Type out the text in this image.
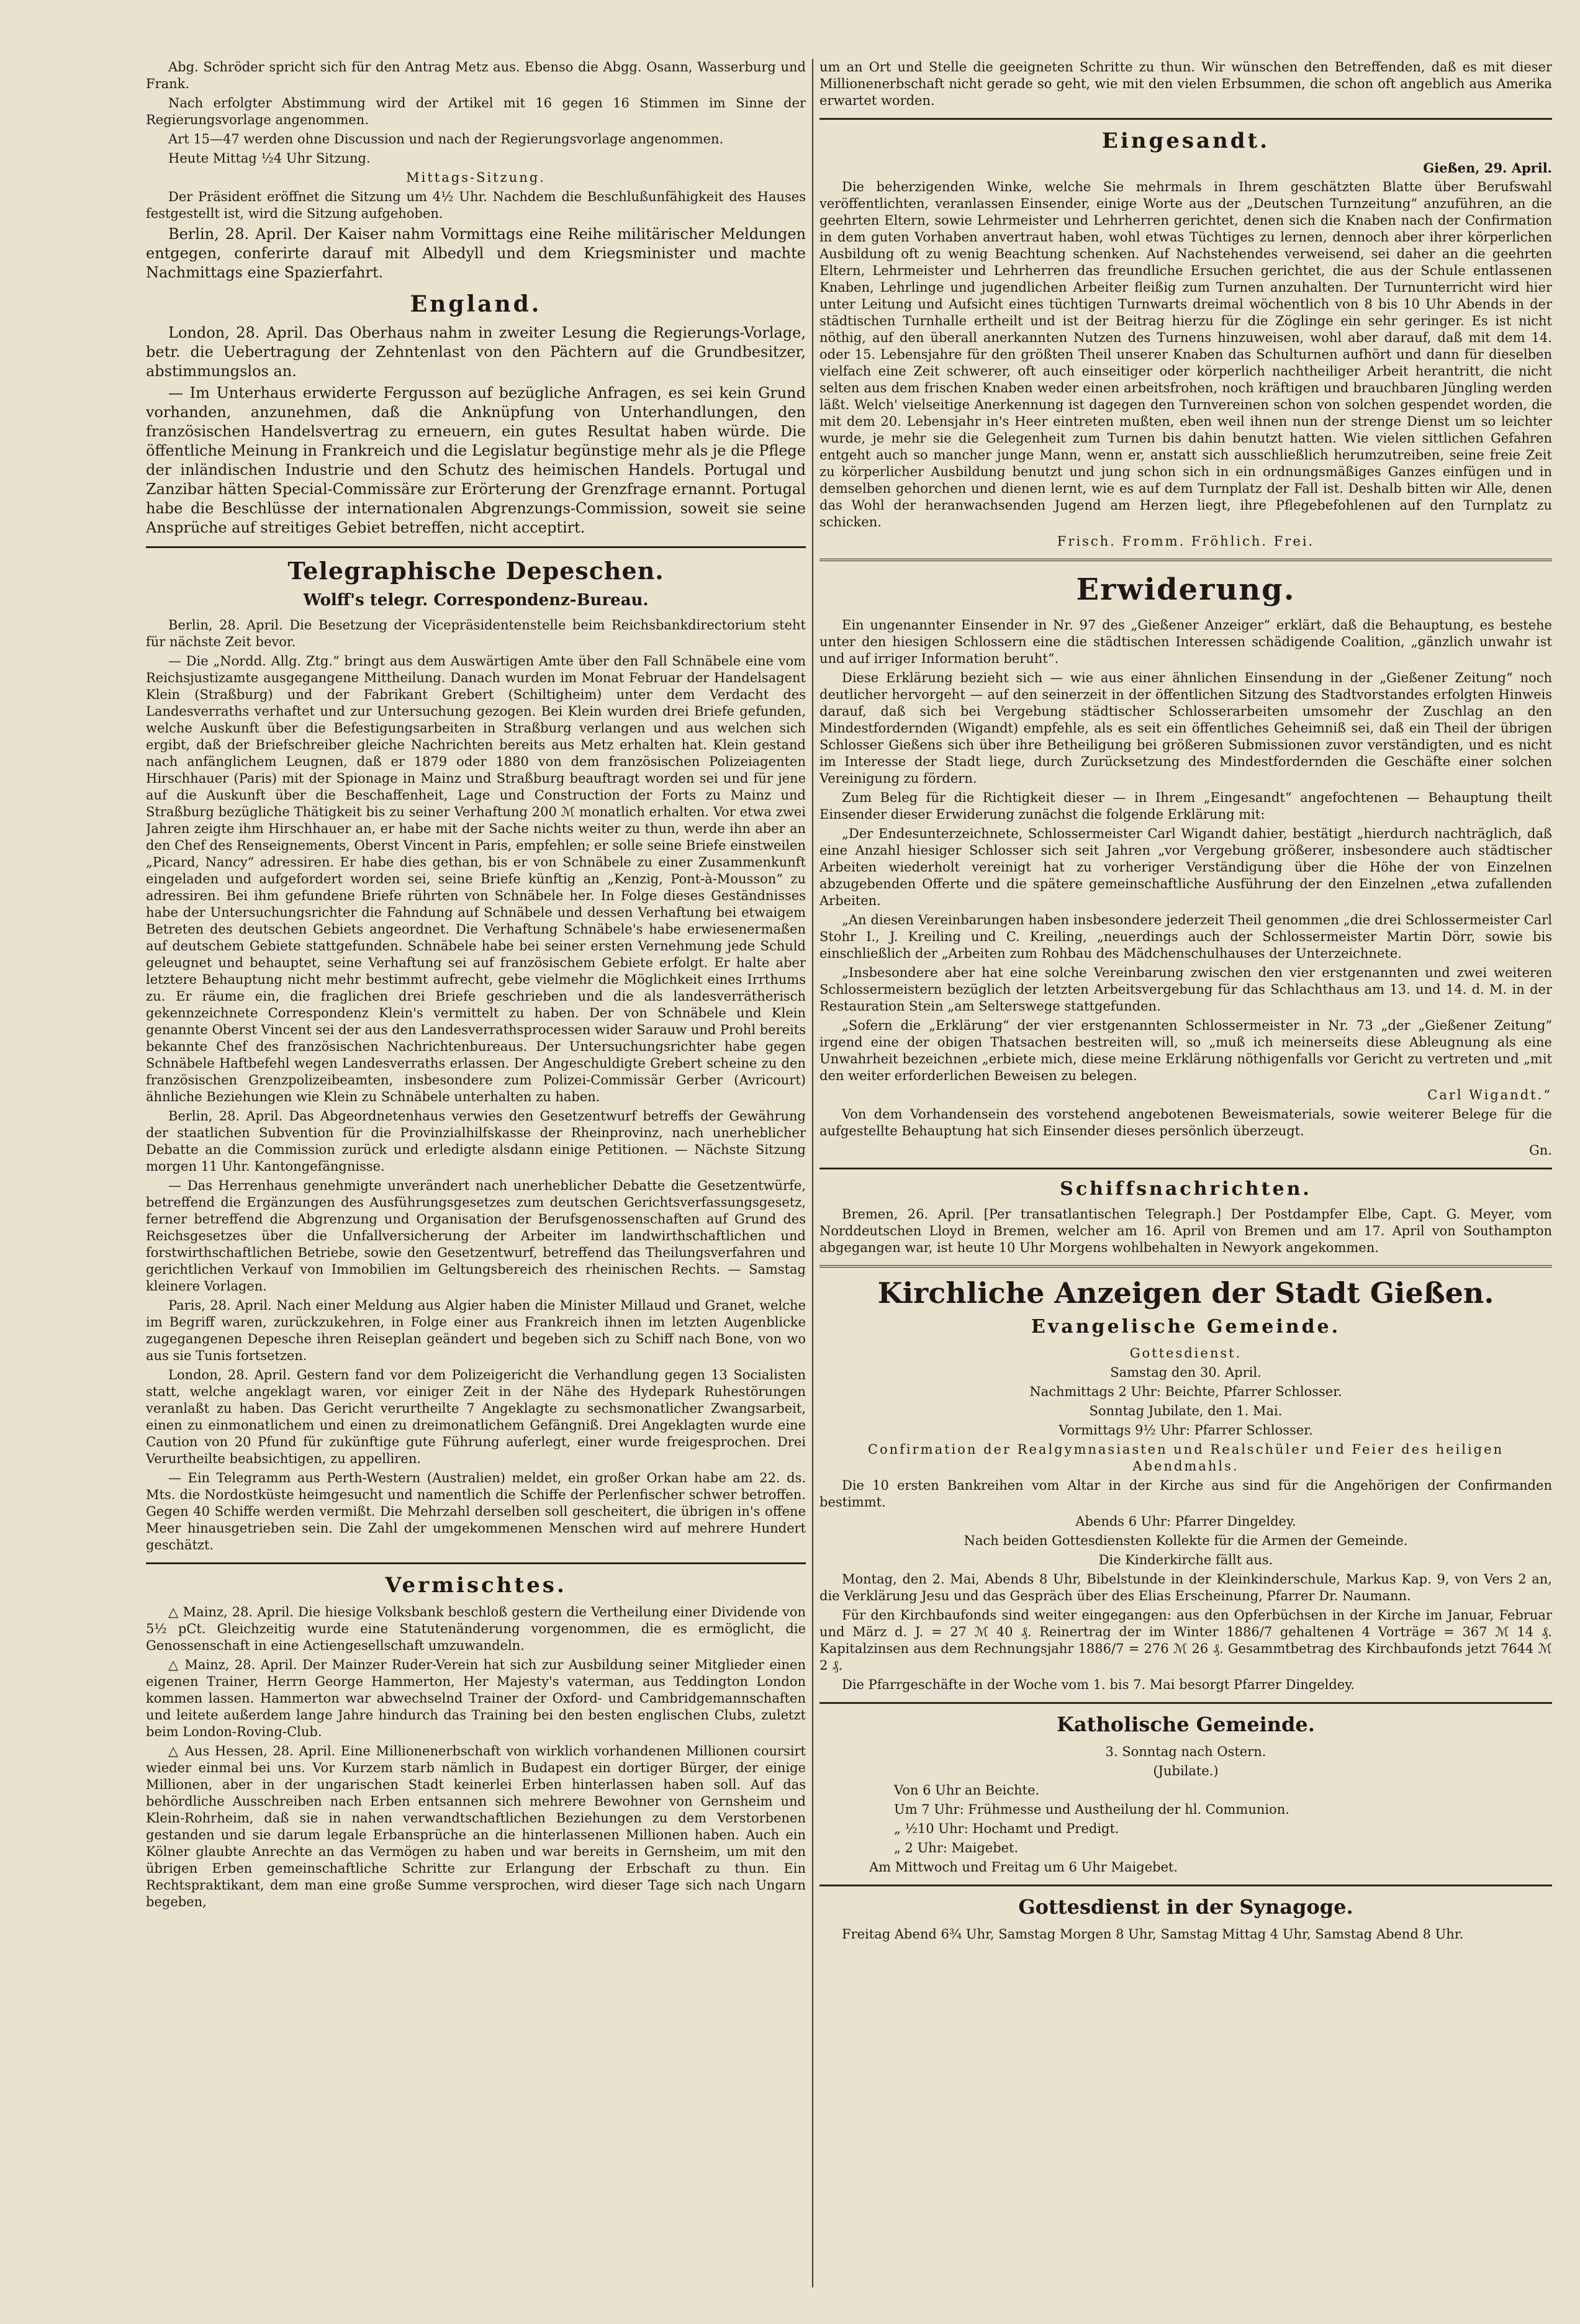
Abg. Schröder spricht sich für den Antrag Metz aus. Ebenso die Abgg. Osann, Wasserburg und Frank.

Nach erfolgter Abstimmung wird der Artikel mit 16 gegen 16 Stimmen im Sinne der Regierungsvorlage angenommen.

Art 15—47 werden ohne Discussion und nach der Regierungsvorlage angenommen.

Heute Mittag ½4 Uhr Sitzung.

Mittags-Sitzung.

Der Präsident eröffnet die Sitzung um 4½ Uhr. Nachdem die Beschlußunfähigkeit des Hauses festgestellt ist, wird die Sitzung aufgehoben.

Berlin, 28. April. Der Kaiser nahm Vormittags eine Reihe militärischer Meldungen entgegen, conferirte darauf mit Albedyll und dem Kriegsminister und machte Nachmittags eine Spazierfahrt.

England.

London, 28. April. Das Oberhaus nahm in zweiter Lesung die Regierungs-Vorlage, betr. die Uebertragung der Zehntenlast von den Pächtern auf die Grundbesitzer, abstimmungslos an.

— Im Unterhaus erwiderte Fergusson auf bezügliche Anfragen, es sei kein Grund vorhanden, anzunehmen, daß die Anknüpfung von Unterhandlungen, den französischen Handelsvertrag zu erneuern, ein gutes Resultat haben würde. Die öffentliche Meinung in Frankreich und die Legislatur begünstige mehr als je die Pflege der inländischen Industrie und den Schutz des heimischen Handels. Portugal und Zanzibar hätten Special-Commissäre zur Erörterung der Grenzfrage ernannt. Portugal habe die Beschlüsse der internationalen Abgrenzungs-Commission, soweit sie seine Ansprüche auf streitiges Gebiet betreffen, nicht acceptirt.

Telegraphische Depeschen.
Wolff's telegr. Correspondenz-Bureau.

Berlin, 28. April. Die Besetzung der Vicepräsidentenstelle beim Reichsbankdirectorium steht für nächste Zeit bevor.

— Die „Nordd. Allg. Ztg.“ bringt aus dem Auswärtigen Amte über den Fall Schnäbele eine vom Reichsjustizamte ausgegangene Mittheilung. Danach wurden im Monat Februar der Handelsagent Klein (Straßburg) und der Fabrikant Grebert (Schiltigheim) unter dem Verdacht des Landesverraths verhaftet und zur Untersuchung gezogen. Bei Klein wurden drei Briefe gefunden, welche Auskunft über die Befestigungsarbeiten in Straßburg verlangen und aus welchen sich ergibt, daß der Briefschreiber gleiche Nachrichten bereits aus Metz erhalten hat. Klein gestand nach anfänglichem Leugnen, daß er 1879 oder 1880 von dem französischen Polizeiagenten Hirschhauer (Paris) mit der Spionage in Mainz und Straßburg beauftragt worden sei und für jene auf die Auskunft über die Beschaffenheit, Lage und Construction der Forts zu Mainz und Straßburg bezügliche Thätigkeit bis zu seiner Verhaftung 200 ℳ monatlich erhalten. Vor etwa zwei Jahren zeigte ihm Hirschhauer an, er habe mit der Sache nichts weiter zu thun, werde ihn aber an den Chef des Renseignements, Oberst Vincent in Paris, empfehlen; er solle seine Briefe einstweilen „Picard, Nancy“ adressiren. Er habe dies gethan, bis er von Schnäbele zu einer Zusammenkunft eingeladen und aufgefordert worden sei, seine Briefe künftig an „Kenzig, Pont-à-Mousson“ zu adressiren. Bei ihm gefundene Briefe rührten von Schnäbele her. In Folge dieses Geständnisses habe der Untersuchungsrichter die Fahndung auf Schnäbele und dessen Verhaftung bei etwaigem Betreten des deutschen Gebiets angeordnet. Die Verhaftung Schnäbele's habe erwiesenermaßen auf deutschem Gebiete stattgefunden. Schnäbele habe bei seiner ersten Vernehmung jede Schuld geleugnet und behauptet, seine Verhaftung sei auf französischem Gebiete erfolgt. Er halte aber letztere Behauptung nicht mehr bestimmt aufrecht, gebe vielmehr die Möglichkeit eines Irrthums zu. Er räume ein, die fraglichen drei Briefe geschrieben und die als landesverrätherisch gekennzeichnete Correspondenz Klein's vermittelt zu haben. Der von Schnäbele und Klein genannte Oberst Vincent sei der aus den Landesverrathsprocessen wider Sarauw und Prohl bereits bekannte Chef des französischen Nachrichtenbureaus. Der Untersuchungsrichter habe gegen Schnäbele Haftbefehl wegen Landesverraths erlassen. Der Angeschuldigte Grebert scheine zu den französischen Grenzpolizeibeamten, insbesondere zum Polizei-Commissär Gerber (Avricourt) ähnliche Beziehungen wie Klein zu Schnäbele unterhalten zu haben.

Berlin, 28. April. Das Abgeordnetenhaus verwies den Gesetzentwurf betreffs der Gewährung der staatlichen Subvention für die Provinzialhilfskasse der Rheinprovinz, nach unerheblicher Debatte an die Commission zurück und erledigte alsdann einige Petitionen. — Nächste Sitzung morgen 11 Uhr. Kantongefängnisse.

— Das Herrenhaus genehmigte unverändert nach unerheblicher Debatte die Gesetzentwürfe, betreffend die Ergänzungen des Ausführungsgesetzes zum deutschen Gerichtsverfassungsgesetz, ferner betreffend die Abgrenzung und Organisation der Berufsgenossenschaften auf Grund des Reichsgesetzes über die Unfallversicherung der Arbeiter im landwirthschaftlichen und forstwirthschaftlichen Betriebe, sowie den Gesetzentwurf, betreffend das Theilungsverfahren und gerichtlichen Verkauf von Immobilien im Geltungsbereich des rheinischen Rechts. — Samstag kleinere Vorlagen.

Paris, 28. April. Nach einer Meldung aus Algier haben die Minister Millaud und Granet, welche im Begriff waren, zurückzukehren, in Folge einer aus Frankreich ihnen im letzten Augenblicke zugegangenen Depesche ihren Reiseplan geändert und begeben sich zu Schiff nach Bone, von wo aus sie Tunis fortsetzen.

London, 28. April. Gestern fand vor dem Polizeigericht die Verhandlung gegen 13 Socialisten statt, welche angeklagt waren, vor einiger Zeit in der Nähe des Hydepark Ruhestörungen veranlaßt zu haben. Das Gericht verurtheilte 7 Angeklagte zu sechsmonatlicher Zwangsarbeit, einen zu einmonatlichem und einen zu dreimonatlichem Gefängniß. Drei Angeklagten wurde eine Caution von 20 Pfund für zukünftige gute Führung auferlegt, einer wurde freigesprochen. Drei Verurtheilte beabsichtigen, zu appelliren.

— Ein Telegramm aus Perth-Western (Australien) meldet, ein großer Orkan habe am 22. ds. Mts. die Nordostküste heimgesucht und namentlich die Schiffe der Perlenfischer schwer betroffen. Gegen 40 Schiffe werden vermißt. Die Mehrzahl derselben soll gescheitert, die übrigen in's offene Meer hinausgetrieben sein. Die Zahl der umgekommenen Menschen wird auf mehrere Hundert geschätzt.

Vermischtes.

△ Mainz, 28. April. Die hiesige Volksbank beschloß gestern die Vertheilung einer Dividende von 5½ pCt. Gleichzeitig wurde eine Statutenänderung vorgenommen, die es ermöglicht, die Genossenschaft in eine Actiengesellschaft umzuwandeln.

△ Mainz, 28. April. Der Mainzer Ruder-Verein hat sich zur Ausbildung seiner Mitglieder einen eigenen Trainer, Herrn George Hammerton, Her Majesty's vaterman, aus Teddington London kommen lassen. Hammerton war abwechselnd Trainer der Oxford- und Cambridgemannschaften und leitete außerdem lange Jahre hindurch das Training bei den besten englischen Clubs, zuletzt beim London-Roving-Club.

△ Aus Hessen, 28. April. Eine Millionenerbschaft von wirklich vorhandenen Millionen coursirt wieder einmal bei uns. Vor Kurzem starb nämlich in Budapest ein dortiger Bürger, der einige Millionen, aber in der ungarischen Stadt keinerlei Erben hinterlassen haben soll. Auf das behördliche Ausschreiben nach Erben entsannen sich mehrere Bewohner von Gernsheim und Klein-Rohrheim, daß sie in nahen verwandtschaftlichen Beziehungen zu dem Verstorbenen gestanden und sie darum legale Erbansprüche an die hinterlassenen Millionen haben. Auch ein Kölner glaubte Anrechte an das Vermögen zu haben und war bereits in Gernsheim, um mit den übrigen Erben gemeinschaftliche Schritte zur Erlangung der Erbschaft zu thun. Ein Rechtspraktikant, dem man eine große Summe versprochen, wird dieser Tage sich nach Ungarn begeben,

um an Ort und Stelle die geeigneten Schritte zu thun. Wir wünschen den Betreffenden, daß es mit dieser Millionenerbschaft nicht gerade so geht, wie mit den vielen Erbsummen, die schon oft angeblich aus Amerika erwartet worden.

Eingesandt.

Gießen, 29. April.

Die beherzigenden Winke, welche Sie mehrmals in Ihrem geschätzten Blatte über Berufswahl veröffentlichten, veranlassen Einsender, einige Worte aus der „Deutschen Turnzeitung“ anzuführen, an die geehrten Eltern, sowie Lehrmeister und Lehrherren gerichtet, denen sich die Knaben nach der Confirmation in dem guten Vorhaben anvertraut haben, wohl etwas Tüchtiges zu lernen, dennoch aber ihrer körperlichen Ausbildung oft zu wenig Beachtung schenken. Auf Nachstehendes verweisend, sei daher an die geehrten Eltern, Lehrmeister und Lehrherren das freundliche Ersuchen gerichtet, die aus der Schule entlassenen Knaben, Lehrlinge und jugendlichen Arbeiter fleißig zum Turnen anzuhalten. Der Turnunterricht wird hier unter Leitung und Aufsicht eines tüchtigen Turnwarts dreimal wöchentlich von 8 bis 10 Uhr Abends in der städtischen Turnhalle ertheilt und ist der Beitrag hierzu für die Zöglinge ein sehr geringer. Es ist nicht nöthig, auf den überall anerkannten Nutzen des Turnens hinzuweisen, wohl aber darauf, daß mit dem 14. oder 15. Lebensjahre für den größten Theil unserer Knaben das Schulturnen aufhört und dann für dieselben vielfach eine Zeit schwerer, oft auch einseitiger oder körperlich nachtheiliger Arbeit herantritt, die nicht selten aus dem frischen Knaben weder einen arbeitsfrohen, noch kräftigen und brauchbaren Jüngling werden läßt. Welch' vielseitige Anerkennung ist dagegen den Turnvereinen schon von solchen gespendet worden, die mit dem 20. Lebensjahr in's Heer eintreten mußten, eben weil ihnen nun der strenge Dienst um so leichter wurde, je mehr sie die Gelegenheit zum Turnen bis dahin benutzt hatten. Wie vielen sittlichen Gefahren entgeht auch so mancher junge Mann, wenn er, anstatt sich ausschließlich herumzutreiben, seine freie Zeit zu körperlicher Ausbildung benutzt und jung schon sich in ein ordnungsmäßiges Ganzes einfügen und in demselben gehorchen und dienen lernt, wie es auf dem Turnplatz der Fall ist. Deshalb bitten wir Alle, denen das Wohl der heranwachsenden Jugend am Herzen liegt, ihre Pflegebefohlenen auf den Turnplatz zu schicken.

Frisch. Fromm. Fröhlich. Frei.

Erwiderung.

Ein ungenannter Einsender in Nr. 97 des „Gießener Anzeiger“ erklärt, daß die Behauptung, es bestehe unter den hiesigen Schlossern eine die städtischen Interessen schädigende Coalition, „gänzlich unwahr ist und auf irriger Information beruht“.

Diese Erklärung bezieht sich — wie aus einer ähnlichen Einsendung in der „Gießener Zeitung“ noch deutlicher hervorgeht — auf den seinerzeit in der öffentlichen Sitzung des Stadtvorstandes erfolgten Hinweis darauf, daß sich bei Vergebung städtischer Schlosserarbeiten umsomehr der Zuschlag an den Mindestfordernden (Wigandt) empfehle, als es seit ein öffentliches Geheimniß sei, daß ein Theil der übrigen Schlosser Gießens sich über ihre Betheiligung bei größeren Submissionen zuvor verständigten, und es nicht im Interesse der Stadt liege, durch Zurücksetzung des Mindestfordernden die Geschäfte einer solchen Vereinigung zu fördern.

Zum Beleg für die Richtigkeit dieser — in Ihrem „Eingesandt“ angefochtenen — Behauptung theilt Einsender dieser Erwiderung zunächst die folgende Erklärung mit:

„Der Endesunterzeichnete, Schlossermeister Carl Wigandt dahier, bestätigt „hierdurch nachträglich, daß eine Anzahl hiesiger Schlosser sich seit Jahren „vor Vergebung größerer, insbesondere auch städtischer Arbeiten wiederholt vereinigt hat zu vorheriger Verständigung über die Höhe der von Einzelnen abzugebenden Offerte und die spätere gemeinschaftliche Ausführung der den Einzelnen „etwa zufallenden Arbeiten.

„An diesen Vereinbarungen haben insbesondere jederzeit Theil genommen „die drei Schlossermeister Carl Stohr I., J. Kreiling und C. Kreiling, „neuerdings auch der Schlossermeister Martin Dörr, sowie bis einschließlich der „Arbeiten zum Rohbau des Mädchenschulhauses der Unterzeichnete.

„Insbesondere aber hat eine solche Vereinbarung zwischen den vier erstgenannten und zwei weiteren Schlossermeistern bezüglich der letzten Arbeitsvergebung für das Schlachthaus am 13. und 14. d. M. in der Restauration Stein „am Selterswege stattgefunden.

„Sofern die „Erklärung“ der vier erstgenannten Schlossermeister in Nr. 73 „der „Gießener Zeitung“ irgend eine der obigen Thatsachen bestreiten will, so „muß ich meinerseits diese Ableugnung als eine Unwahrheit bezeichnen „erbiete mich, diese meine Erklärung nöthigenfalls vor Gericht zu vertreten und „mit den weiter erforderlichen Beweisen zu belegen.

Carl Wigandt.“

Von dem Vorhandensein des vorstehend angebotenen Beweismaterials, sowie weiterer Belege für die aufgestellte Behauptung hat sich Einsender dieses persönlich überzeugt.

Gn.

Schiffsnachrichten.

Bremen, 26. April. [Per transatlantischen Telegraph.] Der Postdampfer Elbe, Capt. G. Meyer, vom Norddeutschen Lloyd in Bremen, welcher am 16. April von Bremen und am 17. April von Southampton abgegangen war, ist heute 10 Uhr Morgens wohlbehalten in Newyork angekommen.

Kirchliche Anzeigen der Stadt Gießen.
Evangelische Gemeinde.

Gottesdienst.

Samstag den 30. April.

Nachmittags 2 Uhr: Beichte, Pfarrer Schlosser.

Sonntag Jubilate, den 1. Mai.

Vormittags 9½ Uhr: Pfarrer Schlosser.

Confirmation der Realgymnasiasten und Realschüler und Feier des heiligen Abendmahls.

Die 10 ersten Bankreihen vom Altar in der Kirche aus sind für die Angehörigen der Confirmanden bestimmt.

Abends 6 Uhr: Pfarrer Dingeldey.

Nach beiden Gottesdiensten Kollekte für die Armen der Gemeinde.

Die Kinderkirche fällt aus.

Montag, den 2. Mai, Abends 8 Uhr, Bibelstunde in der Kleinkinderschule, Markus Kap. 9, von Vers 2 an, die Verklärung Jesu und das Gespräch über des Elias Erscheinung, Pfarrer Dr. Naumann.

Für den Kirchbaufonds sind weiter eingegangen: aus den Opferbüchsen in der Kirche im Januar, Februar und März d. J. = 27 ℳ 40 ₰. Reinertrag der im Winter 1886/7 gehaltenen 4 Vorträge = 367 ℳ 14 ₰. Kapitalzinsen aus dem Rechnungsjahr 1886/7 = 276 ℳ 26 ₰. Gesammtbetrag des Kirchbaufonds jetzt 7644 ℳ 2 ₰.

Die Pfarrgeschäfte in der Woche vom 1. bis 7. Mai besorgt Pfarrer Dingeldey.

Katholische Gemeinde.

3. Sonntag nach Ostern.

(Jubilate.)

Von 6 Uhr an Beichte.

Um 7 Uhr: Frühmesse und Austheilung der hl. Communion.

„ ½10 Uhr: Hochamt und Predigt.

„ 2 Uhr: Maigebet.

Am Mittwoch und Freitag um 6 Uhr Maigebet.

Gottesdienst in der Synagoge.

Freitag Abend 6¾ Uhr, Samstag Morgen 8 Uhr, Samstag Mittag 4 Uhr, Samstag Abend 8 Uhr.
